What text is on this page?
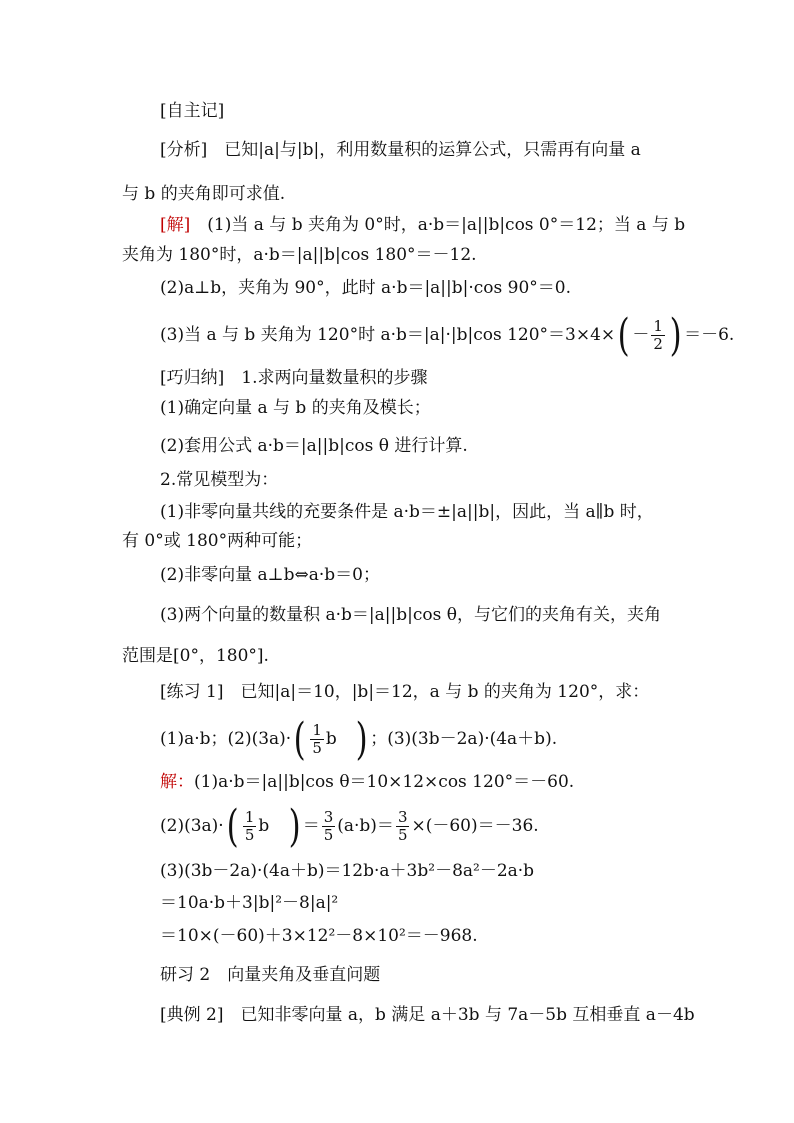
[自主记]
[分析]　已知|a|与|b|，利用数量积的运算公式，只需再有向量 a
与 b 的夹角即可求值.
[解]　(1)当 a 与 b 夹角为 0°时，a·b＝|a||b|cos 0°＝12；当 a 与 b
夹角为 180°时，a·b＝|a||b|cos 180°＝－12.
(2)a⊥b，夹角为 90°，此时 a·b＝|a||b|·cos 90°＝0.
(3)当 a 与 b 夹角为 120°时 a·b＝|a|·|b|cos $120^\circ=3\times 4\times( - \frac{1}{2}$ ) ＝－6.
[巧归纳]　1.求两向量数量积的步骤
(1)确定向量 a 与 b 的夹角及模长；
(2)套用公式 a·b＝|a||b|cos θ 进行计算.
2.常见模型为：
(1)非零向量共线的充要条件是 a·b＝±|a||b|，因此，当 a∥b 时，
有 0°或 180°两种可能；
(2)非零向量 a⊥b⇔a·b＝0；
(3)两个向量的数量积 a·b＝|a||b|cos θ，与它们的夹角有关，夹角
范围是[0°，180°].
[练习 1]　已知|a|＝10，|b|＝12，a 与 b 的夹角为 120°，求：
(1)a·b；$(2)(3a)\cdot( \frac{1}{5}$ b ) ；(3)(3b－2a)·(4a＋b).
解：(1)a·b＝|a||b|cos θ＝10×12×cos 120°＝－60.
$(2)(3a)\cdot( \frac{1}{5}$ b ) ＝ $\frac{3}{5} (a\cdot b)= \frac{3}{5} \times(-60)=-36$.
(3)(3b－2a)·(4a＋b)＝12b·a＋3b²－8a²－2a·b
＝10a·b＋3|b|²－8|a|²
＝10×(－60)＋3×12²－8×10²＝－968.
研习 2　向量夹角及垂直问题
[典例 2]　已知非零向量 a，b 满足 a＋3b 与 7a－5b 互相垂直 a－4b
